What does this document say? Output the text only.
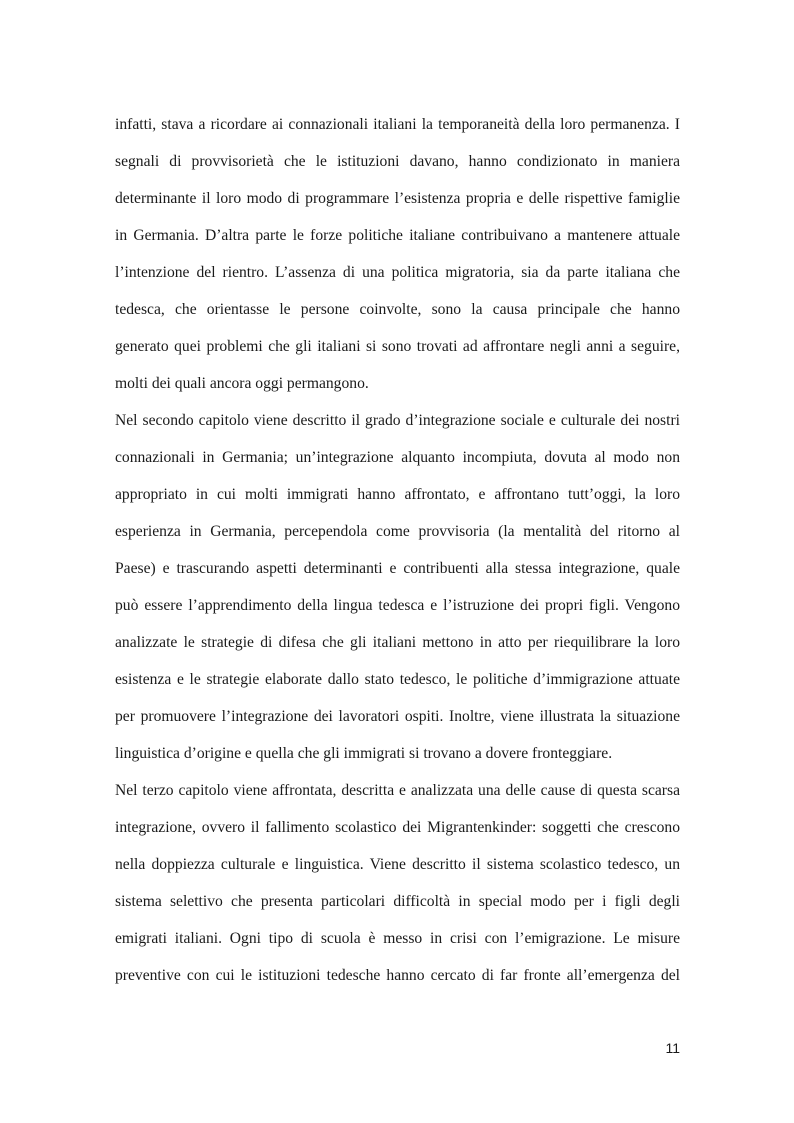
infatti, stava a ricordare ai connazionali italiani la temporaneità della loro permanenza. I
segnali di provvisorietà che le istituzioni davano, hanno condizionato in maniera
determinante il loro modo di programmare l’esistenza propria e delle rispettive famiglie
in Germania. D’altra parte le forze politiche italiane contribuivano a mantenere attuale
l’intenzione del rientro. L’assenza di una politica migratoria, sia da parte italiana che
tedesca, che orientasse le persone coinvolte, sono la causa principale che hanno
generato quei problemi che gli italiani si sono trovati ad affrontare negli anni a seguire,
molti dei quali ancora oggi permangono.
Nel secondo capitolo viene descritto il grado d’integrazione sociale e culturale dei nostri
connazionali in Germania; un’integrazione alquanto incompiuta, dovuta al modo non
appropriato in cui molti immigrati hanno affrontato, e affrontano tutt’oggi, la loro
esperienza in Germania, percependola come provvisoria (la mentalità del ritorno al
Paese) e trascurando aspetti determinanti e contribuenti alla stessa integrazione, quale
può essere l’apprendimento della lingua tedesca e l’istruzione dei propri figli. Vengono
analizzate le strategie di difesa che gli italiani mettono in atto per riequilibrare la loro
esistenza e le strategie elaborate dallo stato tedesco, le politiche d’immigrazione attuate
per promuovere l’integrazione dei lavoratori ospiti. Inoltre, viene illustrata la situazione
linguistica d’origine e quella che gli immigrati si trovano a dovere fronteggiare.
Nel terzo capitolo viene affrontata, descritta e analizzata una delle cause di questa scarsa
integrazione, ovvero il fallimento scolastico dei Migrantenkinder: soggetti che crescono
nella doppiezza culturale e linguistica. Viene descritto il sistema scolastico tedesco, un
sistema selettivo che presenta particolari difficoltà in special modo per i figli degli
emigrati italiani. Ogni tipo di scuola è messo in crisi con l’emigrazione. Le misure
preventive con cui le istituzioni tedesche hanno cercato di far fronte all’emergenza del
11
